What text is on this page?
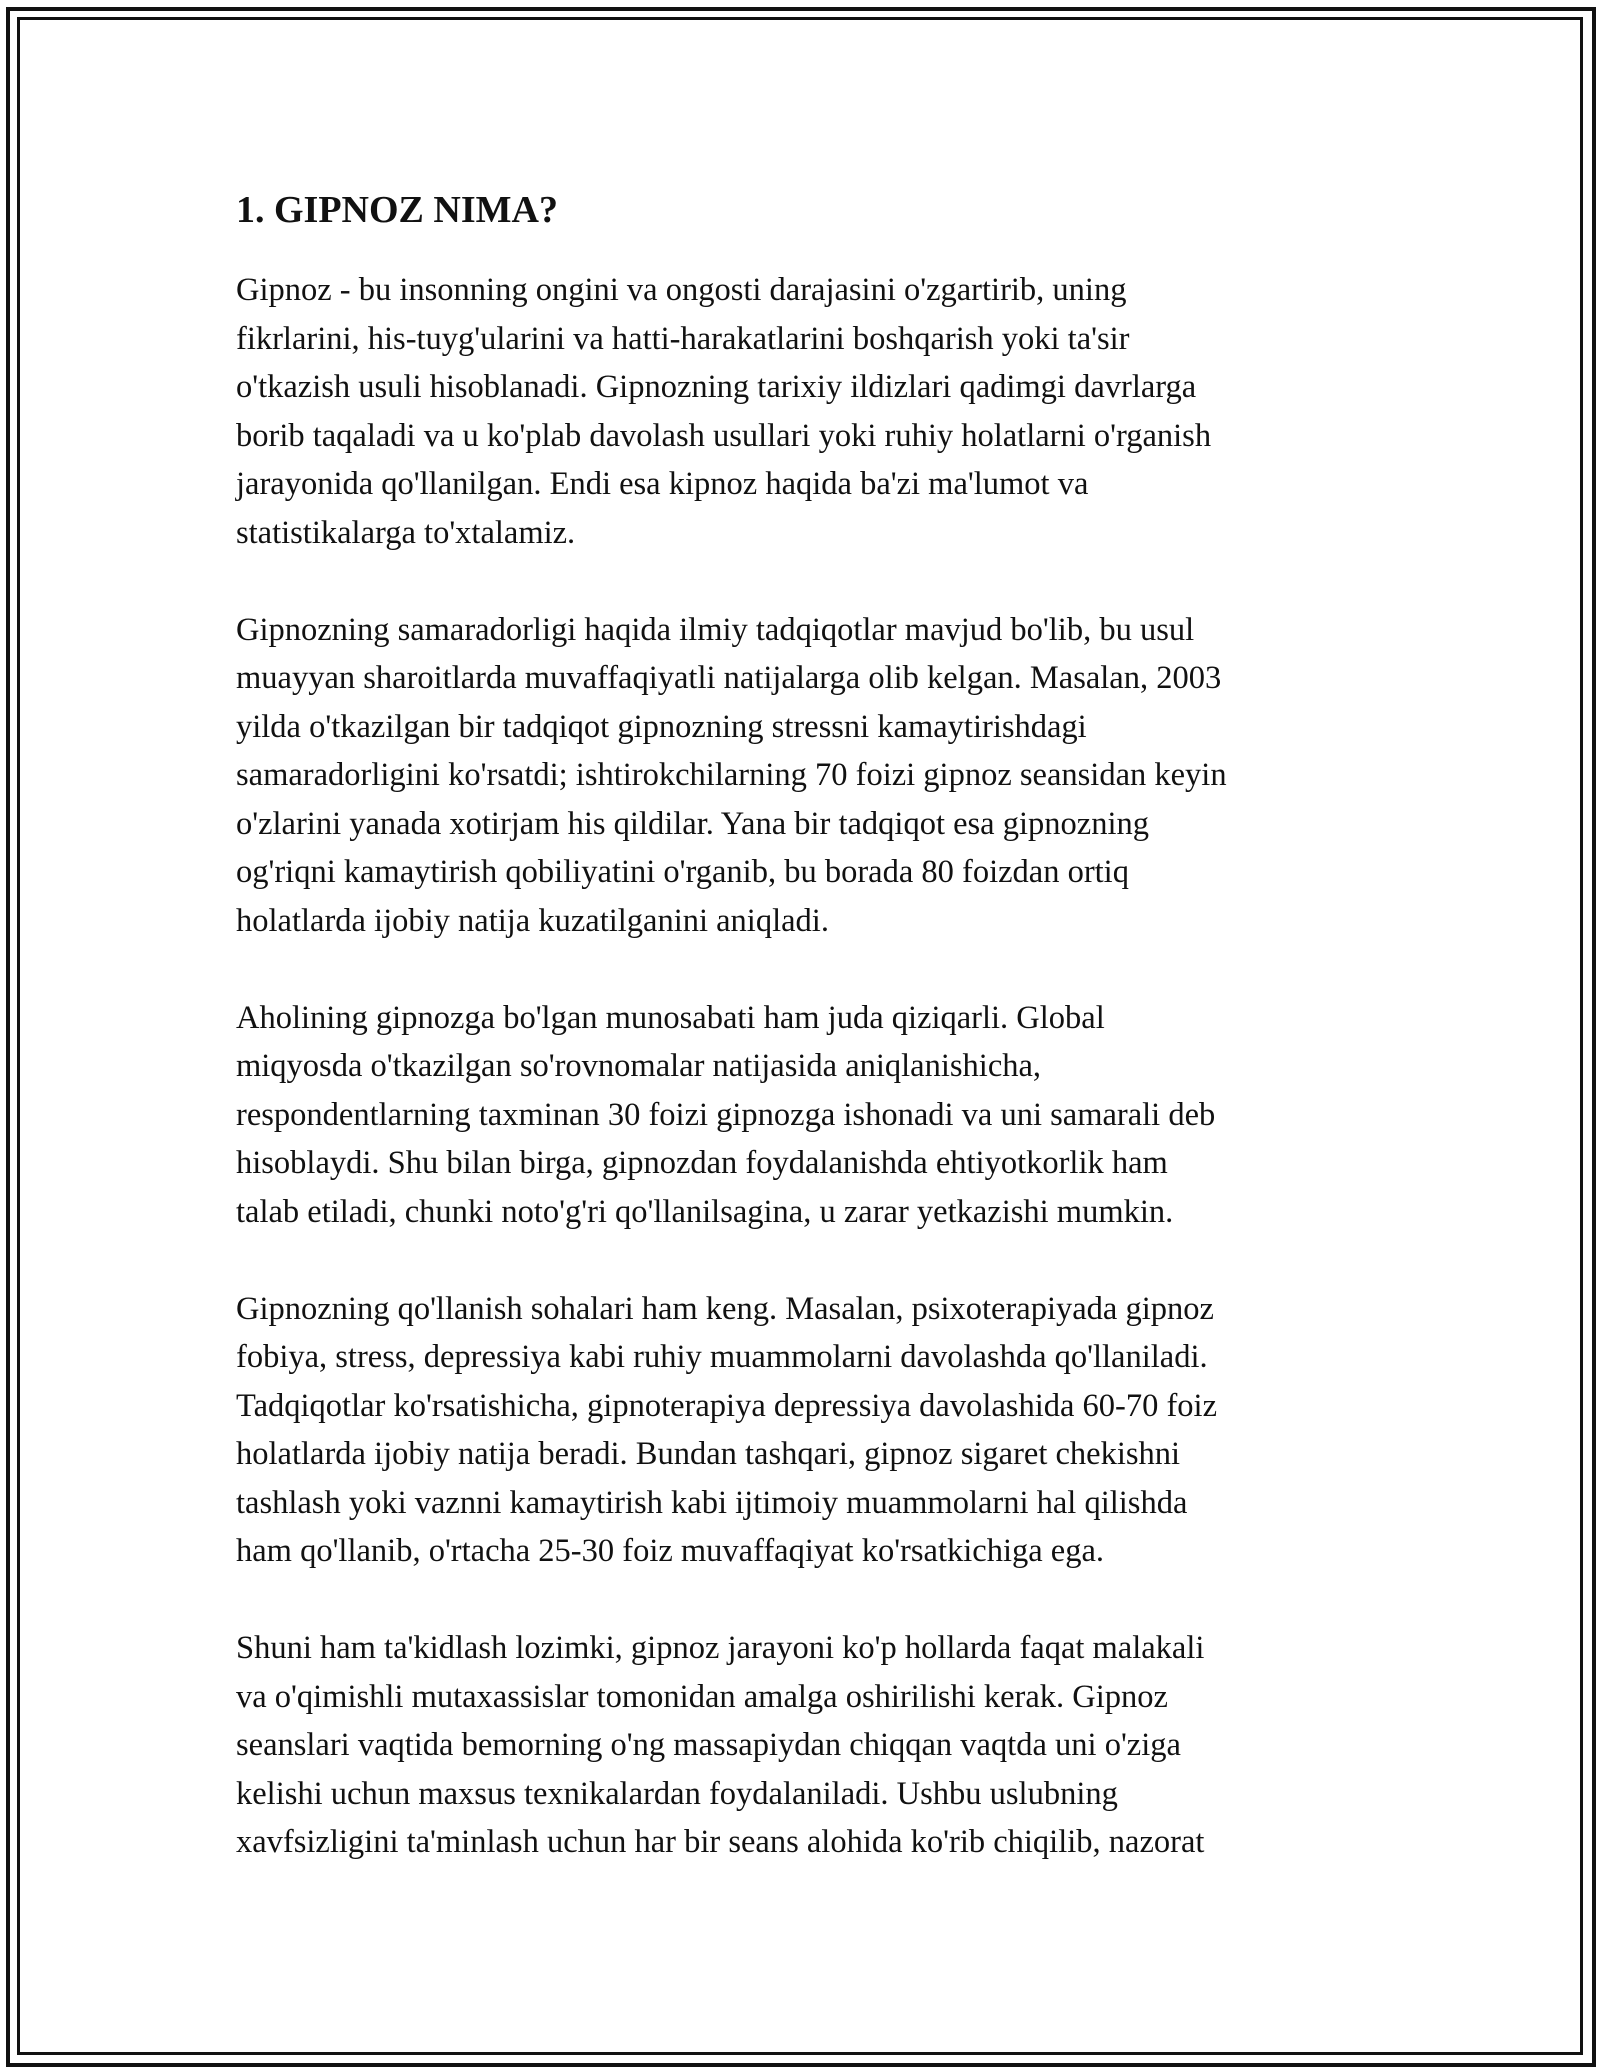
1. GIPNOZ NIMA?

Gipnoz - bu insonning ongini va ongosti darajasini o'zgartirib, uning
fikrlarini, his-tuyg'ularini va hatti-harakatlarini boshqarish yoki ta'sir
o'tkazish usuli hisoblanadi. Gipnozning tarixiy ildizlari qadimgi davrlarga
borib taqaladi va u ko'plab davolash usullari yoki ruhiy holatlarni o'rganish
jarayonida qo'llanilgan. Endi esa kipnoz haqida ba'zi ma'lumot va
statistikalarga to'xtalamiz.

Gipnozning samaradorligi haqida ilmiy tadqiqotlar mavjud bo'lib, bu usul
muayyan sharoitlarda muvaffaqiyatli natijalarga olib kelgan. Masalan, 2003
yilda o'tkazilgan bir tadqiqot gipnozning stressni kamaytirishdagi
samaradorligini ko'rsatdi; ishtirokchilarning 70 foizi gipnoz seansidan keyin
o'zlarini yanada xotirjam his qildilar. Yana bir tadqiqot esa gipnozning
og'riqni kamaytirish qobiliyatini o'rganib, bu borada 80 foizdan ortiq
holatlarda ijobiy natija kuzatilganini aniqladi.

Aholining gipnozga bo'lgan munosabati ham juda qiziqarli. Global
miqyosda o'tkazilgan so'rovnomalar natijasida aniqlanishicha,
respondentlarning taxminan 30 foizi gipnozga ishonadi va uni samarali deb
hisoblaydi. Shu bilan birga, gipnozdan foydalanishda ehtiyotkorlik ham
talab etiladi, chunki noto'g'ri qo'llanilsagina, u zarar yetkazishi mumkin.

Gipnozning qo'llanish sohalari ham keng. Masalan, psixoterapiyada gipnoz
fobiya, stress, depressiya kabi ruhiy muammolarni davolashda qo'llaniladi.
Tadqiqotlar ko'rsatishicha, gipnoterapiya depressiya davolashida 60-70 foiz
holatlarda ijobiy natija beradi. Bundan tashqari, gipnoz sigaret chekishni
tashlash yoki vaznni kamaytirish kabi ijtimoiy muammolarni hal qilishda
ham qo'llanib, o'rtacha 25-30 foiz muvaffaqiyat ko'rsatkichiga ega.

Shuni ham ta'kidlash lozimki, gipnoz jarayoni ko'p hollarda faqat malakali
va o'qimishli mutaxassislar tomonidan amalga oshirilishi kerak. Gipnoz
seanslari vaqtida bemorning o'ng massapiydan chiqqan vaqtda uni o'ziga
kelishi uchun maxsus texnikalardan foydalaniladi. Ushbu uslubning
xavfsizligini ta'minlash uchun har bir seans alohida ko'rib chiqilib, nazorat
